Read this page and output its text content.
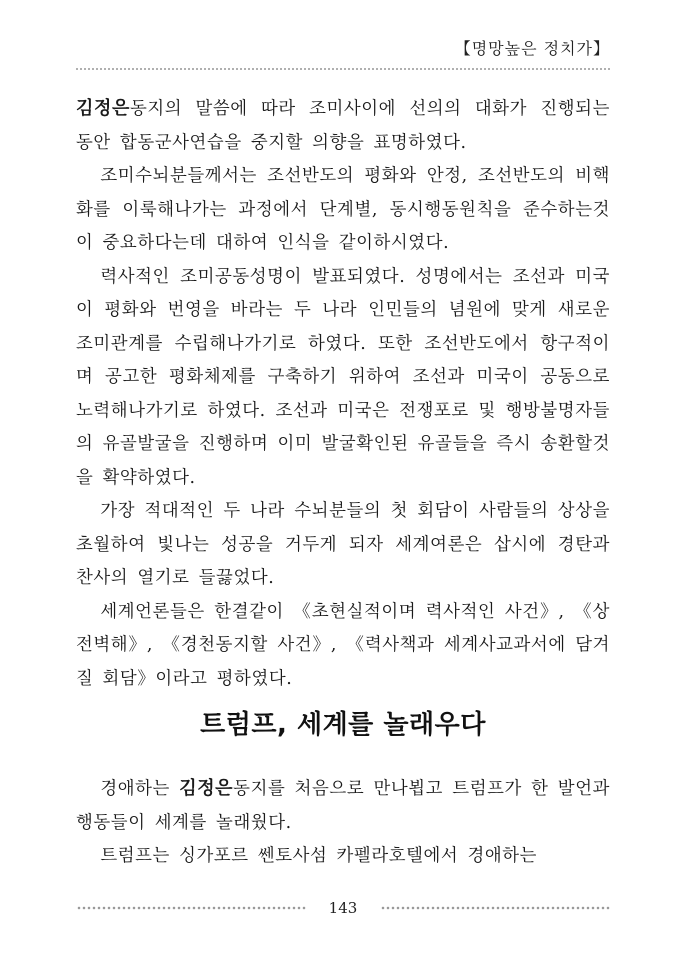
【명망높은 정치가】

김정은동지의 말씀에 따라 조미사이에 선의의 대화가 진행되는 동안 합동군사연습을 중지할 의향을 표명하였다.

조미수뇌분들께서는 조선반도의 평화와 안정, 조선반도의 비핵화를 이룩해나가는 과정에서 단계별, 동시행동원칙을 준수하는것이 중요하다는데 대하여 인식을 같이하시였다.

력사적인 조미공동성명이 발표되였다. 성명에서는 조선과 미국이 평화와 번영을 바라는 두 나라 인민들의 념원에 맞게 새로운 조미관계를 수립해나가기로 하였다. 또한 조선반도에서 항구적이며 공고한 평화체제를 구축하기 위하여 조선과 미국이 공동으로 노력해나가기로 하였다. 조선과 미국은 전쟁포로 및 행방불명자들의 유골발굴을 진행하며 이미 발굴확인된 유골들을 즉시 송환할것을 확약하였다.

가장 적대적인 두 나라 수뇌분들의 첫 회담이 사람들의 상상을 초월하여 빛나는 성공을 거두게 되자 세계여론은 삽시에 경탄과 찬사의 열기로 들끓었다.

세계언론들은 한결같이 《초현실적이며 력사적인 사건》, 《상전벽해》, 《경천동지할 사건》, 《력사책과 세계사교과서에 담겨질 회담》이라고 평하였다.

트럼프, 세계를 놀래우다

경애하는 김정은동지를 처음으로 만나뵙고 트럼프가 한 발언과 행동들이 세계를 놀래웠다.

트럼프는 싱가포르 쎈토사섬 카펠라호텔에서 경애하는

143
